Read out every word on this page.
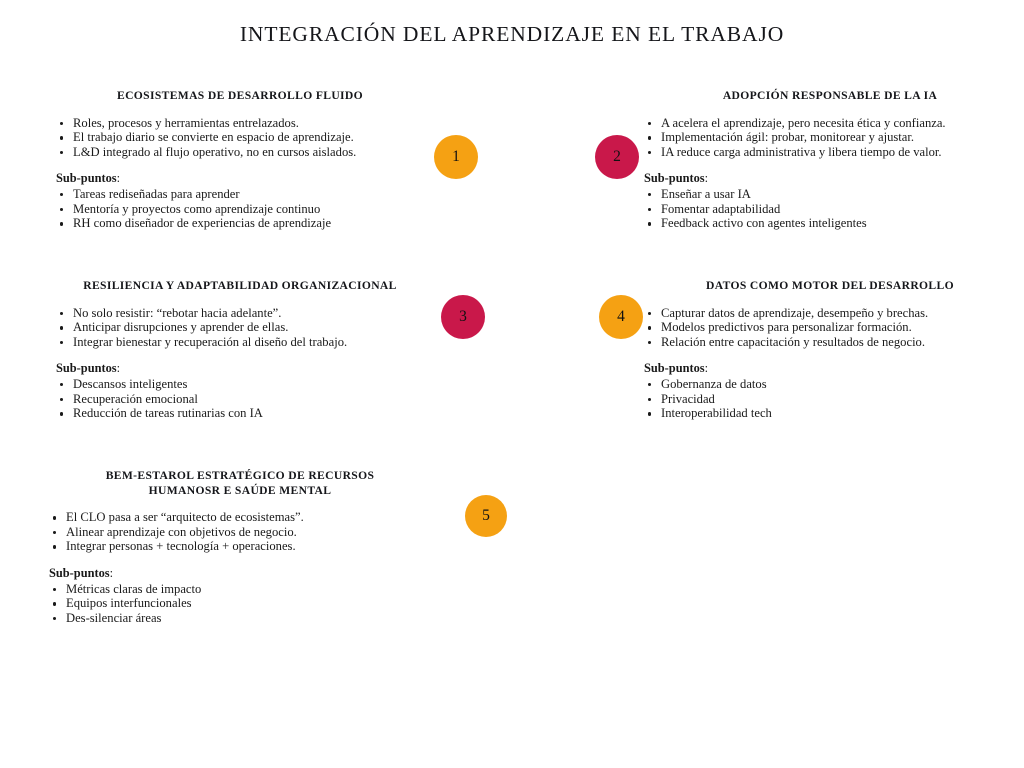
INTEGRACIÓN DEL APRENDIZAJE EN EL TRABAJO
ECOSISTEMAS DE DESARROLLO FLUIDO
Roles, procesos y herramientas entrelazados.
El trabajo diario se convierte en espacio de aprendizaje.
L&D integrado al flujo operativo, no en cursos aislados.
Sub-puntos:
Tareas rediseñadas para aprender
Mentoría y proyectos como aprendizaje continuo
RH como diseñador de experiencias de aprendizaje
ADOPCIÓN RESPONSABLE DE LA IA
A acelera el aprendizaje, pero necesita ética y confianza.
Implementación ágil: probar, monitorear y ajustar.
IA reduce carga administrativa y libera tiempo de valor.
Sub-puntos:
Enseñar a usar IA
Fomentar adaptabilidad
Feedback activo con agentes inteligentes
RESILIENCIA Y ADAPTABILIDAD ORGANIZACIONAL
No solo resistir: “rebotar hacia adelante”.
Anticipar disrupciones y aprender de ellas.
Integrar bienestar y recuperación al diseño del trabajo.
Sub-puntos:
Descansos inteligentes
Recuperación emocional
Reducción de tareas rutinarias con IA
DATOS COMO MOTOR DEL DESARROLLO
Capturar datos de aprendizaje, desempeño y brechas.
Modelos predictivos para personalizar formación.
Relación entre capacitación y resultados de negocio.
Sub-puntos:
Gobernanza de datos
Privacidad
Interoperabilidad tech
BEM-ESTAROL ESTRATÉGICO DE RECURSOS
HUMANOSR E SAÚDE MENTAL
El CLO pasa a ser “arquitecto de ecosistemas”.
Alinear aprendizaje con objetivos de negocio.
Integrar personas + tecnología + operaciones.
Sub-puntos:
Métricas claras de impacto
Equipos interfuncionales
Des-silenciar áreas
1	2
3	4
5
